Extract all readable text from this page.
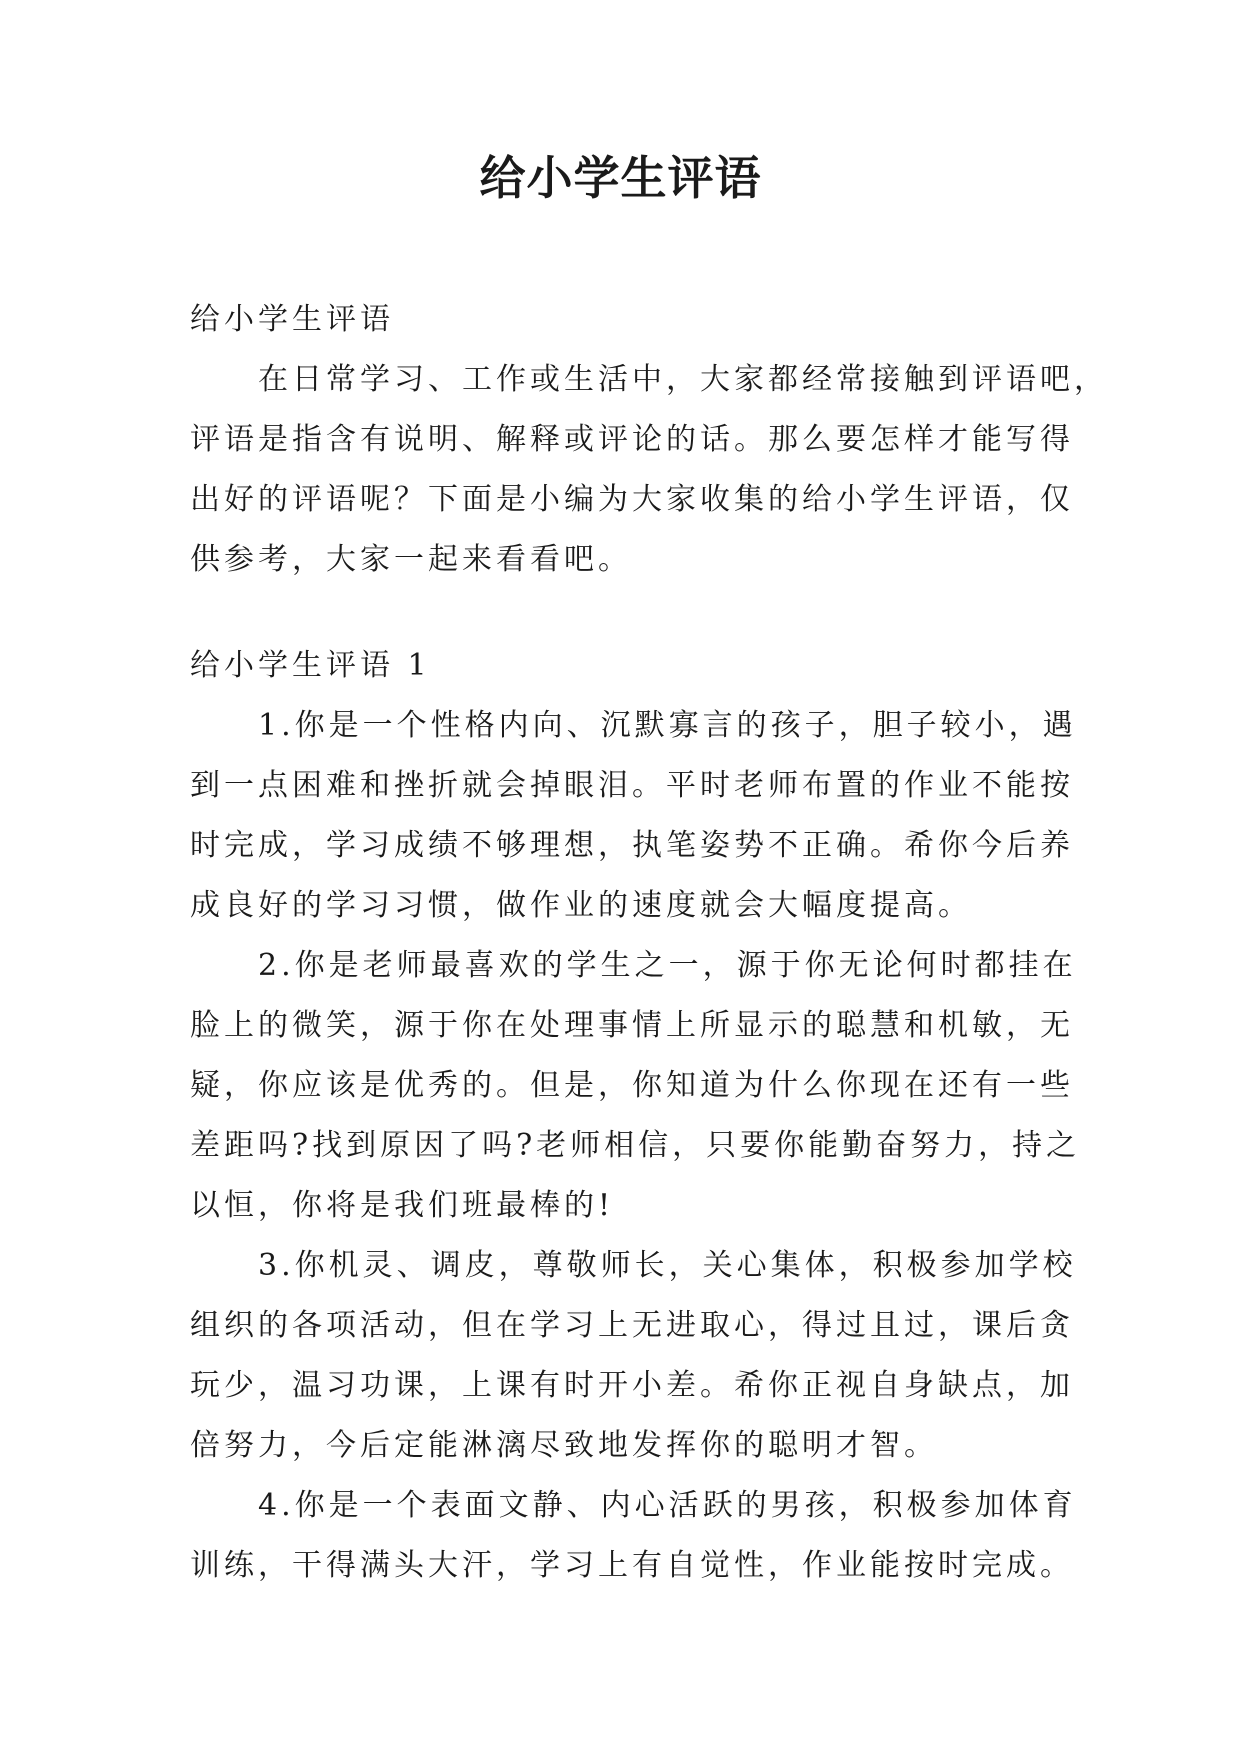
给小学生评语
给小学生评语
在日常学习、工作或生活中，大家都经常接触到评语吧，
评语是指含有说明、解释或评论的话。那么要怎样才能写得
出好的评语呢？下面是小编为大家收集的给小学生评语，仅
供参考，大家一起来看看吧。
给小学生评语 1
1.你是一个性格内向、沉默寡言的孩子，胆子较小，遇
到一点困难和挫折就会掉眼泪。平时老师布置的作业不能按
时完成，学习成绩不够理想，执笔姿势不正确。希你今后养
成良好的学习习惯，做作业的速度就会大幅度提高。
2.你是老师最喜欢的学生之一，源于你无论何时都挂在
脸上的微笑，源于你在处理事情上所显示的聪慧和机敏，无
疑，你应该是优秀的。但是，你知道为什么你现在还有一些
差距吗?找到原因了吗?老师相信，只要你能勤奋努力，持之
以恒，你将是我们班最棒的!
3.你机灵、调皮，尊敬师长，关心集体，积极参加学校
组织的各项活动，但在学习上无进取心，得过且过，课后贪
玩少，温习功课，上课有时开小差。希你正视自身缺点，加
倍努力，今后定能淋漓尽致地发挥你的聪明才智。
4.你是一个表面文静、内心活跃的男孩，积极参加体育
训练，干得满头大汗，学习上有自觉性，作业能按时完成。
